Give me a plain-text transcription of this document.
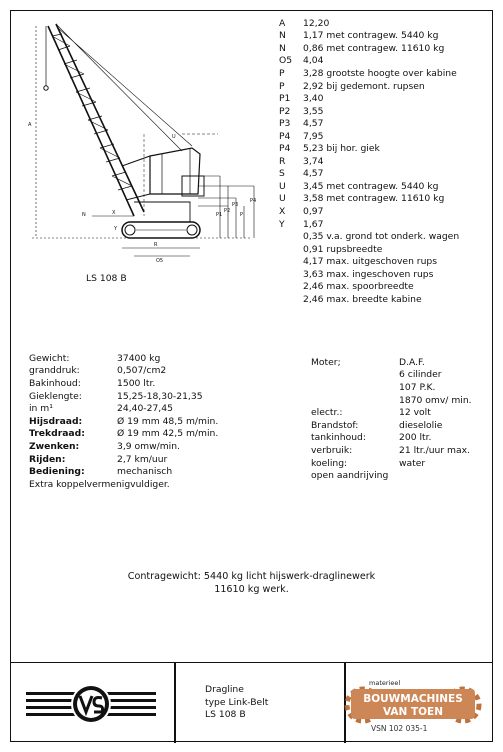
A
U
P1
P2
P3
P4
P
R
O5
X
Y
N
A	12,20
N	1,17 met contragew. 5440 kg
N	0,86 met contragew. 11610 kg
O5	4,04
P	3,28 grootste hoogte over kabine
P	2,92 bij gedemont. rupsen
P1	3,40
P2	3,55
P3	4,57
P4	7,95
P4	5,23 bij hor. giek
R	3,74
S	4,57
U	3,45 met contragew. 5440 kg
U	3,58 met contragew. 11610 kg
X	0,97
Y	1,67
0,35 v.a. grond tot onderk. wagen
0,91 rupsbreedte
4,17 max. uitgeschoven rups
3,63 max. ingeschoven rups
2,46 max. spoorbreedte
2,46 max. breedte kabine
LS 108 B
Gewicht:	37400 kg
granddruk:	0,507/cm2
Bakinhoud:	1500 ltr.
Gieklengte:	15,25-18,30-21,35
in m¹	24,40-27,45
Hijsdraad:	Ø 19 mm 48,5 m/min.
Trekdraad:	Ø 19 mm 42,5 m/min.
Zwenken:	3,9 omw/min.
Rijden:	2,7 km/uur
Bediening:	mechanisch
Extra koppelvermenigvuldiger.
Moter;	D.A.F.
6 cilinder
107 P.K.
1870 omv/ min.
electr.:	12 volt
Brandstof:	dieselolie
tankinhoud:	200 ltr.
verbruik:	21 ltr./uur max.
koeling:	water
open aandrijving
Contragewicht: 5440 kg licht hijswerk-draglinewerk
11610 kg werk.
Dragline
type Link-Belt
LS 108 B
materieel
BOUWMACHINES
VAN TOEN
VSN 102 035-1
